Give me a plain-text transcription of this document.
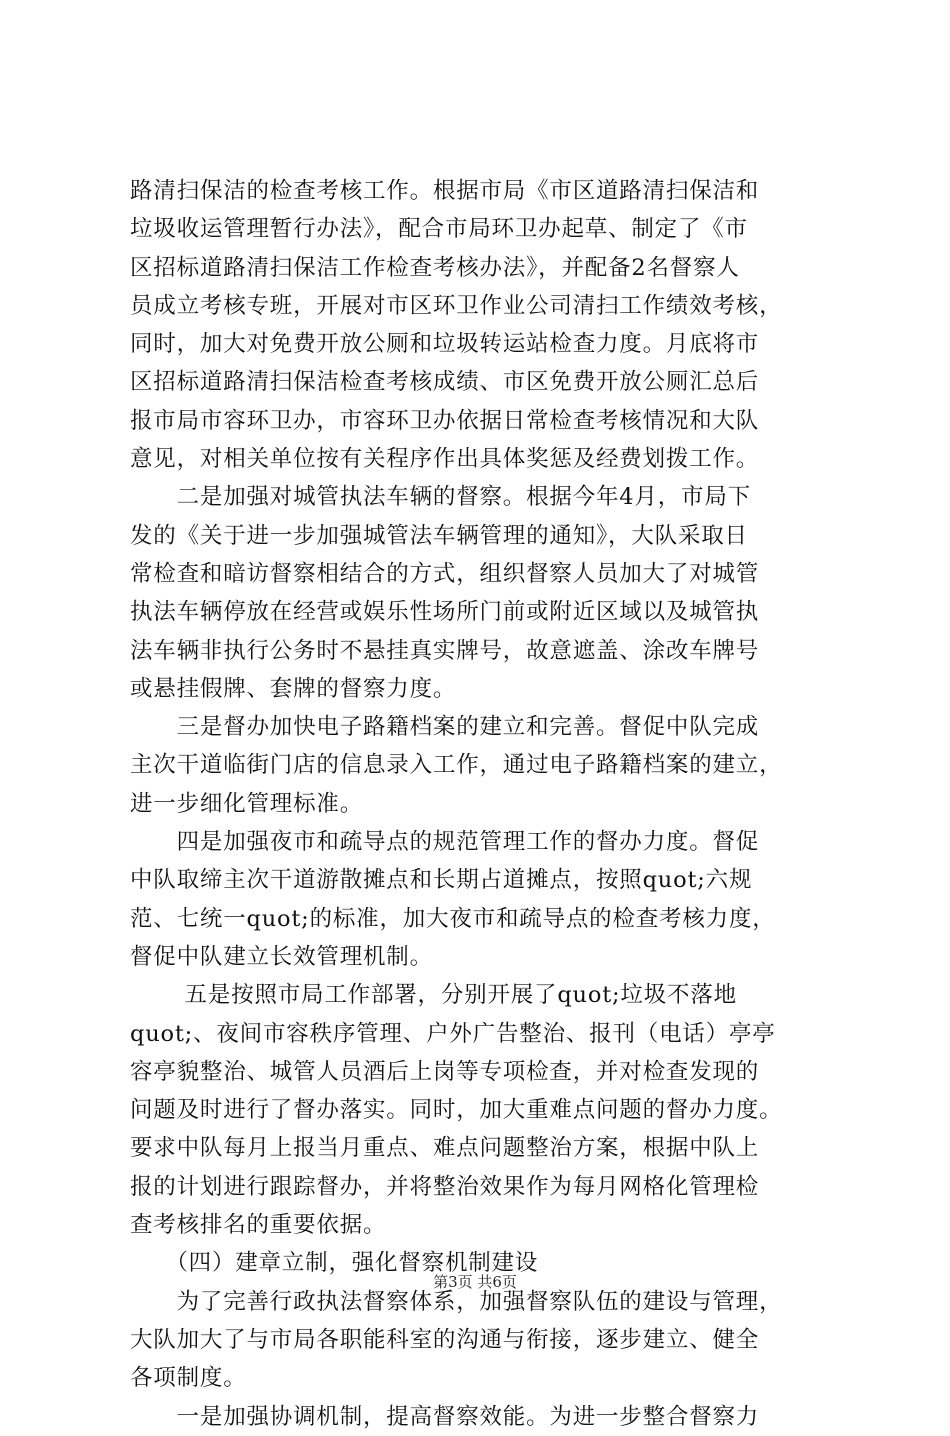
路清扫保洁的检查考核工作。根据市局《市区道路清扫保洁和
垃圾收运管理暂行办法》，配合市局环卫办起草、制定了《市
区招标道路清扫保洁工作检查考核办法》，并配备2名督察人
员成立考核专班，开展对市区环卫作业公司清扫工作绩效考核，
同时，加大对免费开放公厕和垃圾转运站检查力度。月底将市
区招标道路清扫保洁检查考核成绩、市区免费开放公厕汇总后
报市局市容环卫办，市容环卫办依据日常检查考核情况和大队
意见，对相关单位按有关程序作出具体奖惩及经费划拨工作。
　　二是加强对城管执法车辆的督察。根据今年4月，市局下
发的《关于进一步加强城管法车辆管理的通知》，大队采取日
常检查和暗访督察相结合的方式，组织督察人员加大了对城管
执法车辆停放在经营或娱乐性场所门前或附近区域以及城管执
法车辆非执行公务时不悬挂真实牌号，故意遮盖、涂改车牌号
或悬挂假牌、套牌的督察力度。
　　三是督办加快电子路籍档案的建立和完善。督促中队完成
主次干道临街门店的信息录入工作，通过电子路籍档案的建立，
进一步细化管理标准。
　　四是加强夜市和疏导点的规范管理工作的督办力度。督促
中队取缔主次干道游散摊点和长期占道摊点，按照quot;六规
范、七统一quot;的标准，加大夜市和疏导点的检查考核力度，
督促中队建立长效管理机制。
　　 五是按照市局工作部署，分别开展了quot;垃圾不落地
quot;、夜间市容秩序管理、户外广告整治、报刊（电话）亭亭
容亭貌整治、城管人员酒后上岗等专项检查，并对检查发现的
问题及时进行了督办落实。同时，加大重难点问题的督办力度。
要求中队每月上报当月重点、难点问题整治方案，根据中队上
报的计划进行跟踪督办，并将整治效果作为每月网格化管理检
查考核排名的重要依据。
　　（四）建章立制，强化督察机制建设
　　为了完善行政执法督察体系，加强督察队伍的建设与管理，
大队加大了与市局各职能科室的沟通与衔接，逐步建立、健全
各项制度。
　　一是加强协调机制，提高督察效能。为进一步整合督察力
第3页 共6页
